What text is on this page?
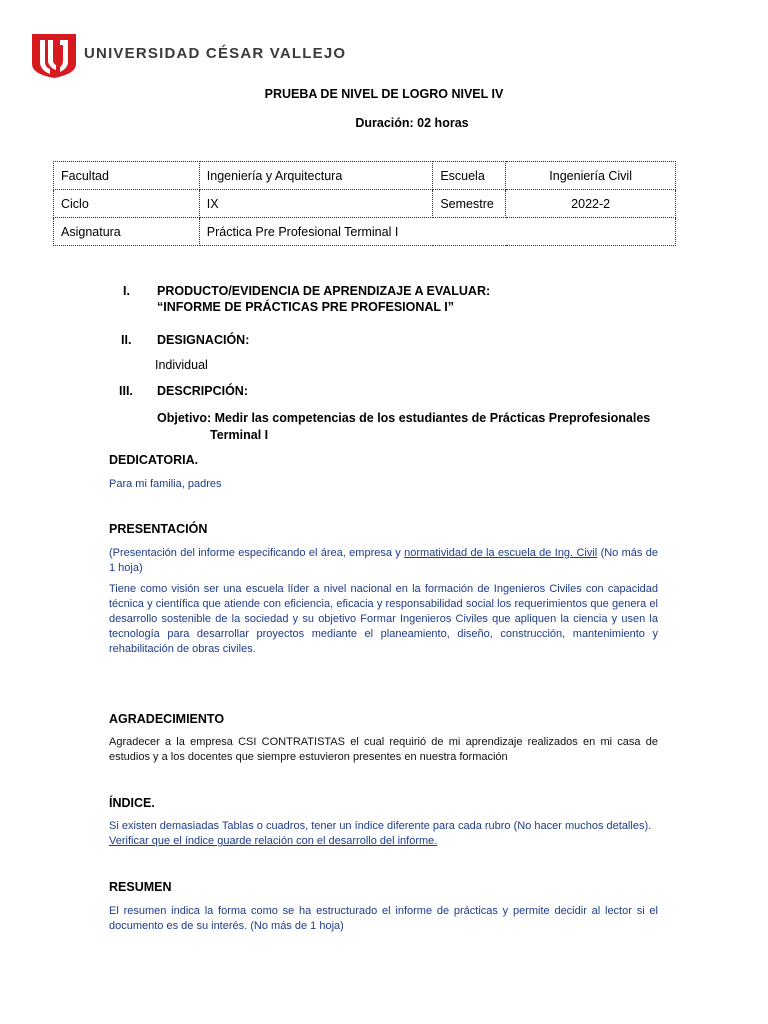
UNIVERSIDAD CÉSAR VALLEJO
PRUEBA DE NIVEL DE LOGRO NIVEL IV
Duración: 02 horas
Facultad	Ingeniería y Arquitectura	Escuela	Ingeniería Civil
Ciclo	IX	Semestre	2022-2
Asignatura	Práctica Pre Profesional Terminal I		
I. PRODUCTO/EVIDENCIA DE APRENDIZAJE A EVALUAR:
“INFORME DE PRÁCTICAS PRE PROFESIONAL I”
II. DESIGNACIÓN:
Individual
III. DESCRIPCIÓN:
Objetivo: Medir las competencias de los estudiantes de Prácticas Preprofesionales
Terminal I
DEDICATORIA.
Para mi familia, padres
PRESENTACIÓN
(Presentación del informe especificando el área, empresa y normatividad de la escuela de Ing. Civil (No más de 1 hoja)
Tiene como visión ser una escuela líder a nivel nacional en la formación de Ingenieros Civiles con capacidad técnica y científica que atiende con eficiencia, eficacia y responsabilidad social los requerimientos que genera el desarrollo sostenible de la sociedad y su objetivo Formar Ingenieros Civiles que apliquen la ciencia y usen la tecnología para desarrollar proyectos mediante el planeamiento, diseño, construcción, mantenimiento y rehabilitación de obras civiles.
AGRADECIMIENTO
Agradecer a la empresa CSI CONTRATISTAS el cual requirió de mi aprendizaje realizados en mi casa de estudios y a los docentes que siempre estuvieron presentes en nuestra formación
ÍNDICE.
Si existen demasiadas Tablas o cuadros, tener un índice diferente para cada rubro (No hacer muchos detalles). Verificar que el índice guarde relación con el desarrollo del informe.
RESUMEN
El resumen indica la forma como se ha estructurado el informe de prácticas y permite decidir al lector si el documento es de su interés. (No más de 1 hoja)
